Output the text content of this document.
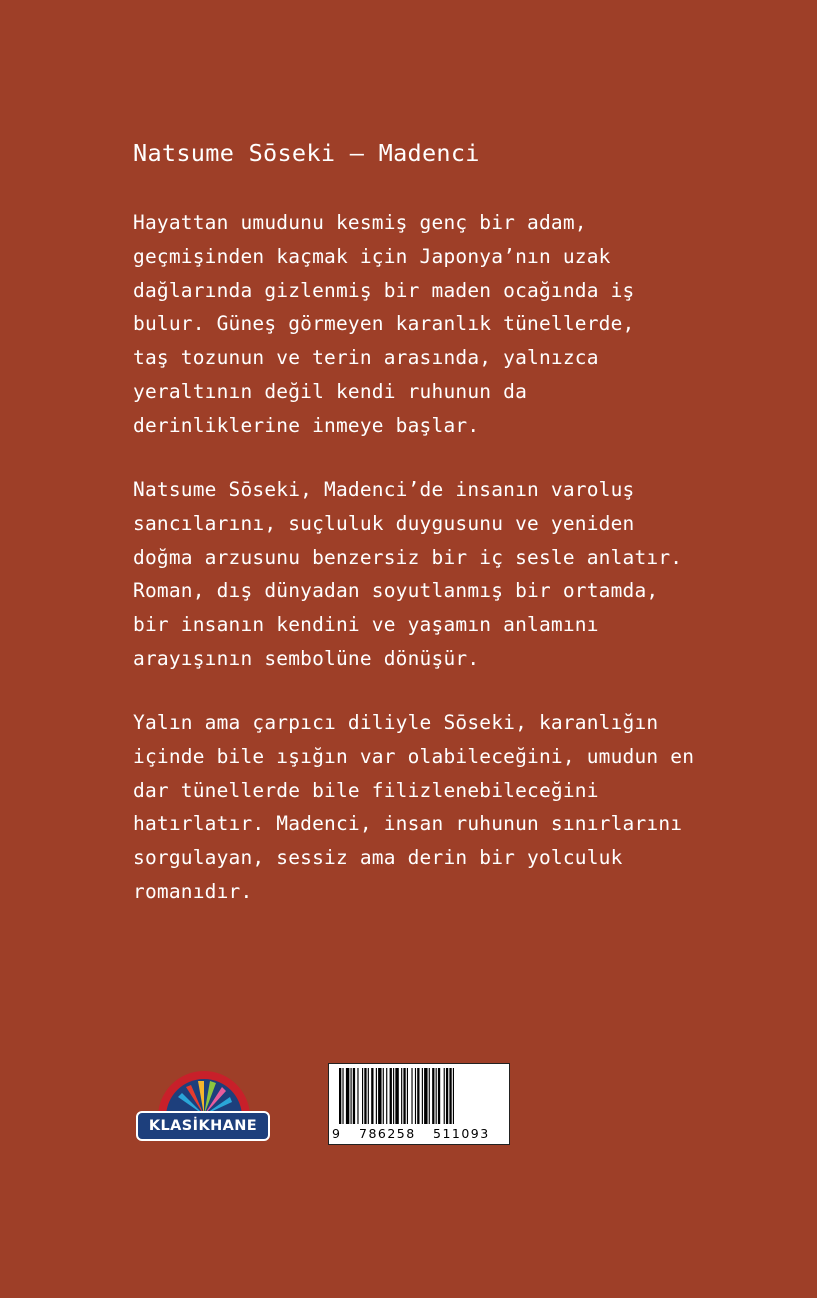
Natsume Sōseki — Madenci
Hayattan umudunu kesmiş genç bir adam,
geçmişinden kaçmak için Japonya’nın uzak
dağlarında gizlenmiş bir maden ocağında iş
bulur. Güneş görmeyen karanlık tünellerde,
taş tozunun ve terin arasında, yalnızca
yeraltının değil kendi ruhunun da
derinliklerine inmeye başlar.
Natsume Sōseki, Madenci’de insanın varoluş
sancılarını, suçluluk duygusunu ve yeniden
doğma arzusunu benzersiz bir iç sesle anlatır.
Roman, dış dünyadan soyutlanmış bir ortamda,
bir insanın kendini ve yaşamın anlamını
arayışının sembolüne dönüşür.
Yalın ama çarpıcı diliyle Sōseki, karanlığın
içinde bile ışığın var olabileceğini, umudun en
dar tünellerde bile filizlenebileceğini
hatırlatır. Madenci, insan ruhunun sınırlarını
sorgulayan, sessiz ama derin bir yolculuk
romanıdır.
KLASİKHANE	9 786258 511093
